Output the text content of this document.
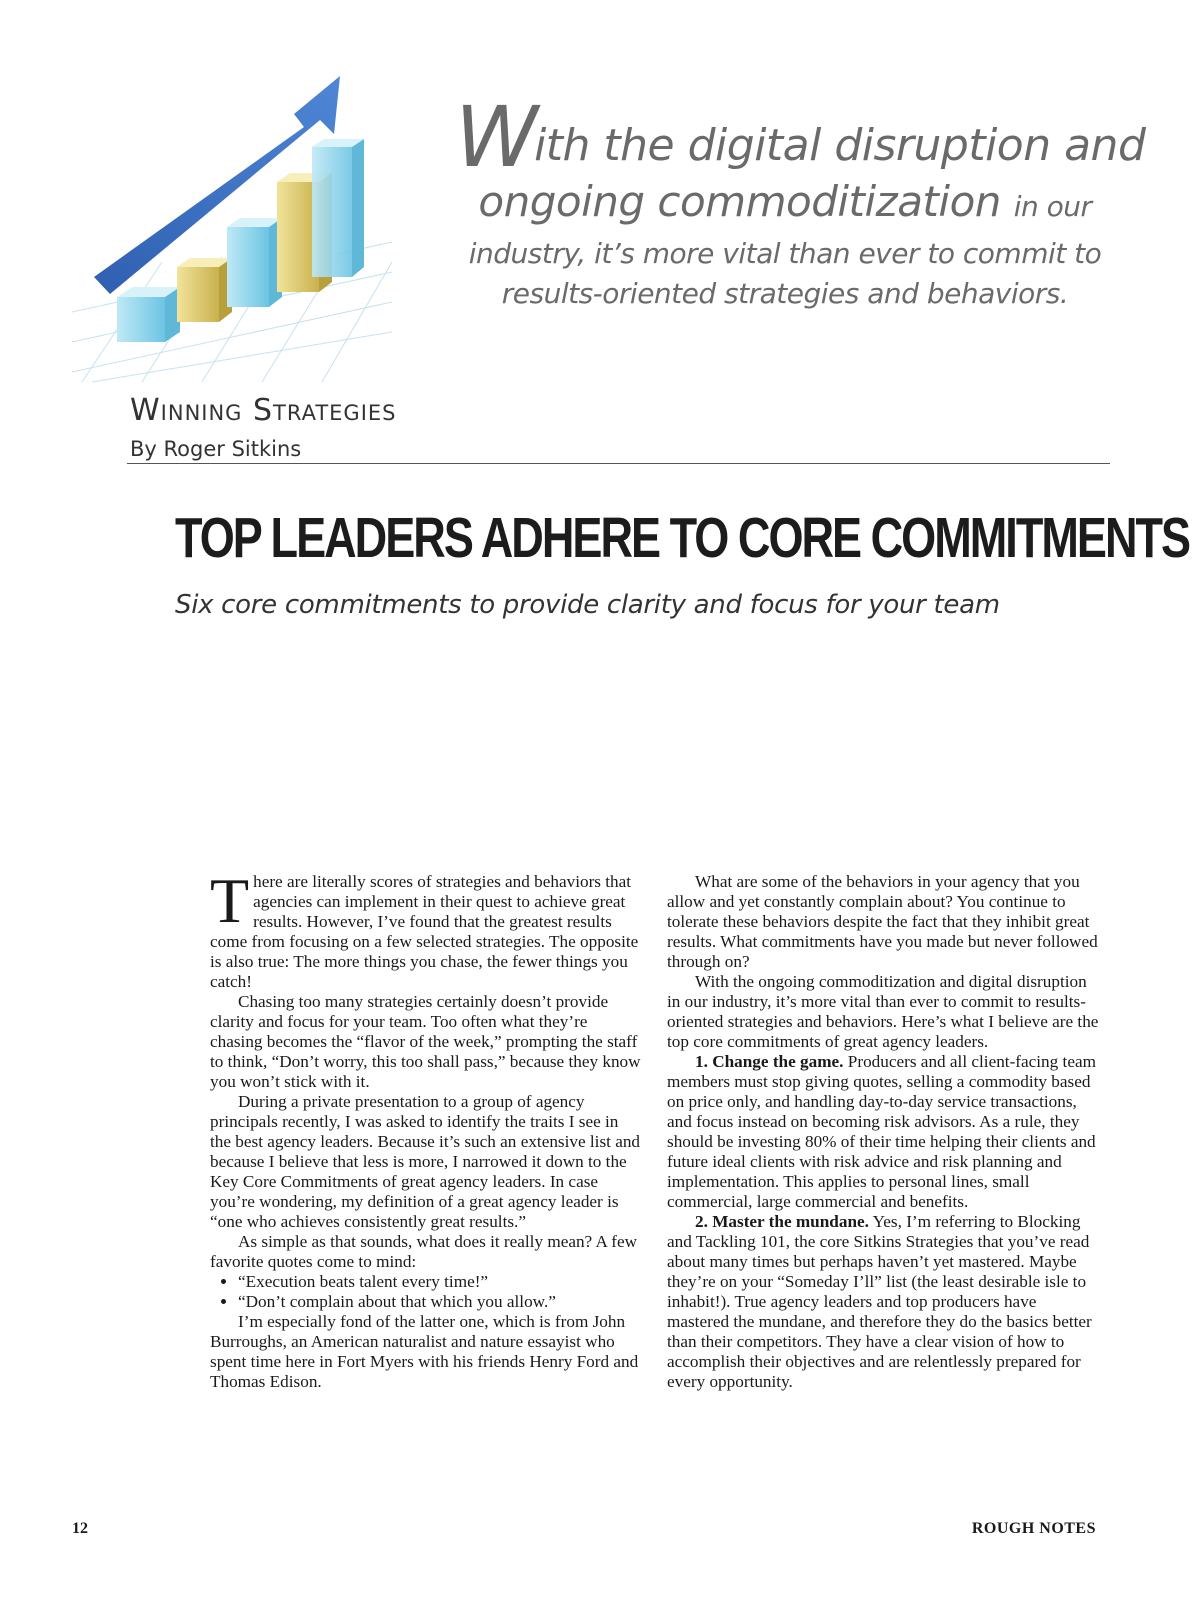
With the digital disruption and
ongoing commoditization in our
industry, it’s more vital than ever to commit to results-oriented strategies and behaviors.
Winning Strategies
By Roger Sitkins
TOP LEADERS ADHERE TO CORE COMMITMENTS
Six core commitments to provide clarity and focus for your team

There are literally scores of strategies and behaviors that agencies can implement in their quest to achieve great results. However, I’ve found that the greatest results come from focusing on a few selected strategies. The opposite is also true: The more things you chase, the fewer things you catch!

Chasing too many strategies certainly doesn’t provide clarity and focus for your team. Too often what they’re chasing becomes the “flavor of the week,” prompting the staff to think, “Don’t worry, this too shall pass,” because they know you won’t stick with it.

During a private presentation to a group of agency principals recently, I was asked to identify the traits I see in the best agency leaders. Because it’s such an extensive list and because I believe that less is more, I narrowed it down to the Key Core Commitments of great agency leaders. In case you’re wondering, my definition of a great agency leader is “one who achieves consistently great results.”

As simple as that sounds, what does it really mean? A few favorite quotes come to mind:

• “Execution beats talent every time!”
• “Don’t complain about that which you allow.”

I’m especially fond of the latter one, which is from John Burroughs, an American naturalist and nature essayist who spent time here in Fort Myers with his friends Henry Ford and Thomas Edison.

What are some of the behaviors in your agency that you allow and yet constantly complain about? You continue to tolerate these behaviors despite the fact that they inhibit great results. What commitments have you made but never followed through on?

With the ongoing commoditization and digital disruption in our industry, it’s more vital than ever to commit to results-oriented strategies and behaviors. Here’s what I believe are the top core commitments of great agency leaders.

1. Change the game. Producers and all client-facing team members must stop giving quotes, selling a commodity based on price only, and handling day-to-day service transactions, and focus instead on becoming risk advisors. As a rule, they should be investing 80% of their time helping their clients and future ideal clients with risk advice and risk planning and implementation. This applies to personal lines, small commercial, large commercial and benefits.

2. Master the mundane. Yes, I’m referring to Blocking and Tackling 101, the core Sitkins Strategies that you’ve read about many times but perhaps haven’t yet mastered. Maybe they’re on your “Someday I’ll” list (the least desirable isle to inhabit!). True agency leaders and top producers have mastered the mundane, and therefore they do the basics better than their competitors. They have a clear vision of how to accomplish their objectives and are relentlessly prepared for every opportunity.

12	ROUGH NOTES
